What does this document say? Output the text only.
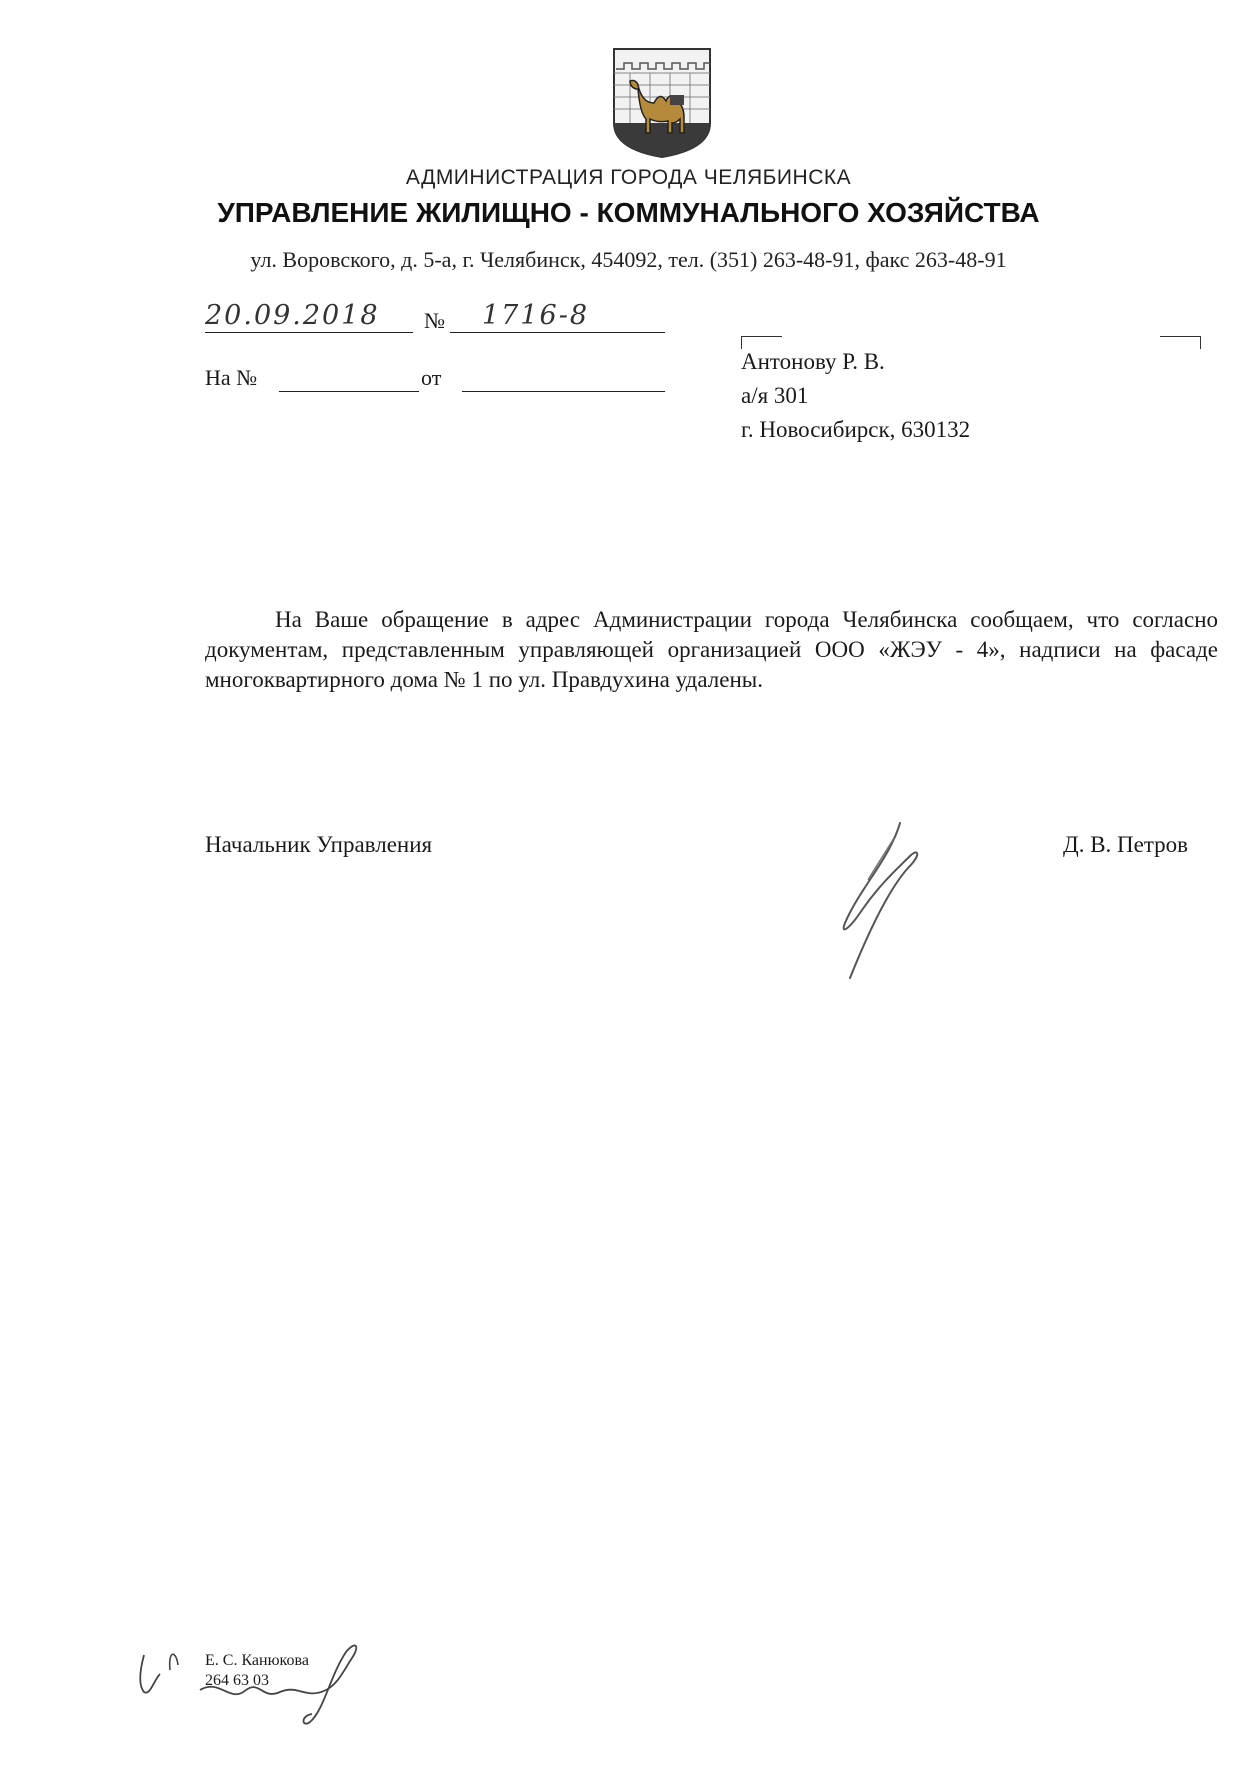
АДМИНИСТРАЦИЯ ГОРОДА ЧЕЛЯБИНСКА
УПРАВЛЕНИЕ ЖИЛИЩНО - КОММУНАЛЬНОГО ХОЗЯЙСТВА
ул. Воровского, д. 5-а, г. Челябинск, 454092, тел. (351) 263-48-91, факс 263-48-91
20.09.2018 № 1716-8
На №	от
Антонову Р. В.
а/я 301
г. Новосибирск, 630132

На Ваше обращение в адрес Администрации города Челябинска сообщаем, что согласно документам, представленным управляющей организацией ООО «ЖЭУ - 4», надписи на фасаде многоквартирного дома № 1 по ул. Правдухина удалены.

Начальник Управления	Д. В. Петров
Е. С. Канюкова
264 63 03
